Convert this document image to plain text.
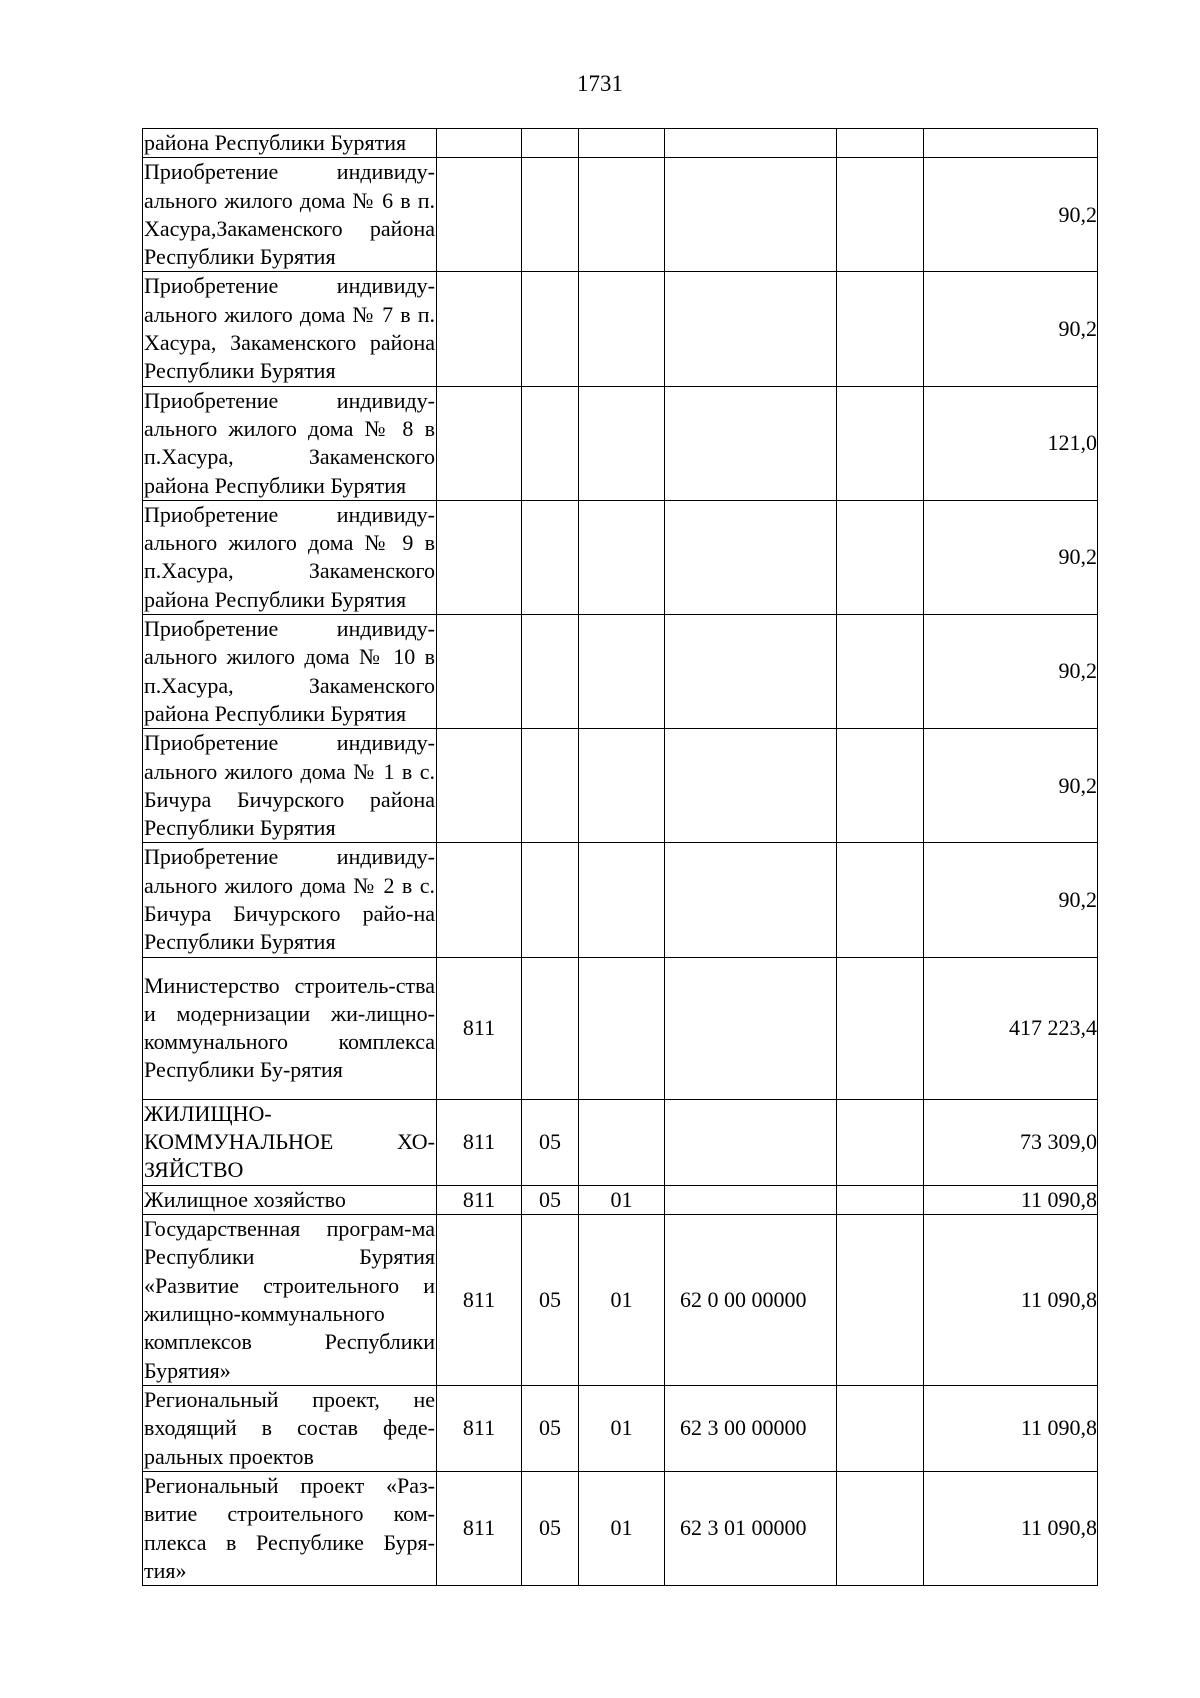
1731
района Республики Бурятия						
Приобретение индивиду-ального жилого дома № 6 в п. Хасура,Закаменского района Республики Бурятия						90,2
Приобретение индивиду-ального жилого дома № 7 в п. Хасура, Закаменского района Республики Бурятия						90,2
Приобретение индивиду-ального жилого дома № 8 в п.Хасура, Закаменского района Республики Бурятия						121,0
Приобретение индивиду-ального жилого дома № 9 в п.Хасура, Закаменского района Республики Бурятия						90,2
Приобретение индивиду-ального жилого дома № 10 в п.Хасура, Закаменского района Республики Бурятия						90,2
Приобретение индивиду-ального жилого дома № 1 в с. Бичура Бичурского района Республики Бурятия						90,2
Приобретение индивиду-ального жилого дома № 2 в с. Бичура Бичурского райо-на Республики Бурятия						90,2
Министерство строитель-ства и модернизации жи-лищно-коммунального комплекса Республики Бу-рятия	811					417 223,4
ЖИЛИЩНО-КОММУНАЛЬНОЕ ХО-ЗЯЙСТВО	811	05				73 309,0
Жилищное хозяйство	811	05	01			11 090,8
Государственная програм-ма Республики Бурятия «Развитие строительного и жилищно-коммунального комплексов Республики Бурятия»	811	05	01	62 0 00 00000		11 090,8
Региональный проект, не входящий в состав феде-ральных проектов	811	05	01	62 3 00 00000		11 090,8
Региональный проект «Раз-витие строительного ком-плекса в Республике Буря-тия»	811	05	01	62 3 01 00000		11 090,8
